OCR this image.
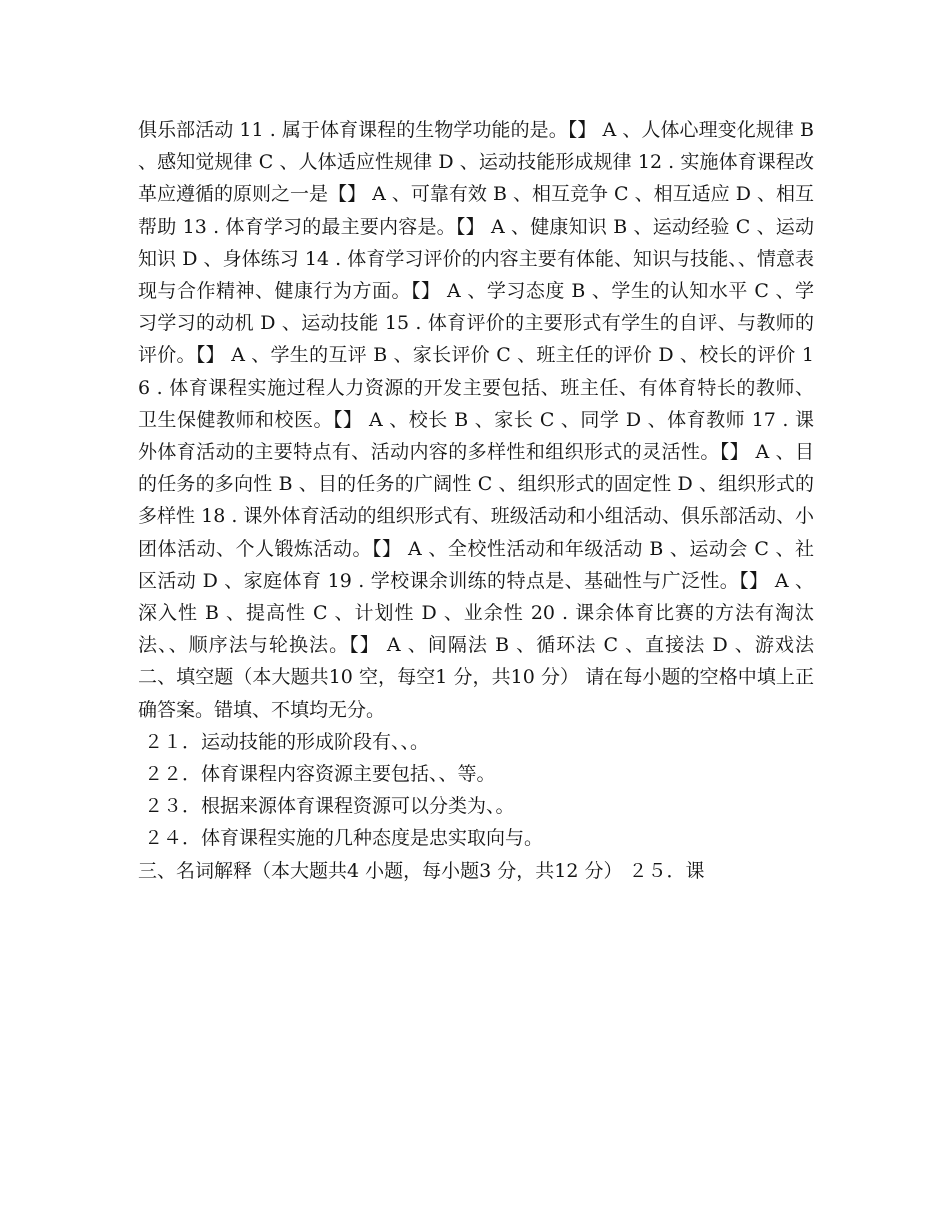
俱乐部活动 11 . 属于体育课程的生物学功能的是。【】 A 、人体心理变化规律 B 、感知觉规律 C 、人体适应性规律 D 、运动技能形成规律 12 . 实施体育课程改革应遵循的原则之一是【】 A 、可靠有效 B 、相互竞争 C 、相互适应 D 、相互帮助 13 . 体育学习的最主要内容是。【】 A 、健康知识 B 、运动经验 C 、运动知识 D 、身体练习 14 . 体育学习评价的内容主要有体能、知识与技能、、情意表现与合作精神、健康行为方面。【】 A 、学习态度 B 、学生的认知水平 C 、学习学习的动机 D 、运动技能 15 . 体育评价的主要形式有学生的自评、与教师的评价。【】 A 、学生的互评 B 、家长评价 C 、班主任的评价 D 、校长的评价 16 . 体育课程实施过程人力资源的开发主要包括、班主任、有体育特长的教师、卫生保健教师和校医。【】 A 、校长 B 、家长 C 、同学 D 、体育教师 17 . 课外体育活动的主要特点有、活动内容的多样性和组织形式的灵活性。【】 A 、目的任务的多向性 B 、目的任务的广阔性 C 、组织形式的固定性 D 、组织形式的多样性 18 . 课外体育活动的组织形式有、班级活动和小组活动、俱乐部活动、小团体活动、个人锻炼活动。【】 A 、全校性活动和年级活动 B 、运动会 C 、社区活动 D 、家庭体育 19 . 学校课余训练的特点是、基础性与广泛性。【】 A 、深入性 B 、提高性 C 、计划性 D 、业余性 20 . 课余体育比赛的方法有淘汰法、、顺序法与轮换法。【】 A 、间隔法 B 、循环法 C 、直接法 D 、游戏法 二、填空题（本大题共10 空，每空1 分，共10 分） 请在每小题的空格中填上正确答案。错填、不填均无分。

２１．运动技能的形成阶段有、、。

２２．体育课程内容资源主要包括、、等。

２３．根据来源体育课程资源可以分类为、。

２４．体育课程实施的几种态度是忠实取向与。

三、名词解释（本大题共4 小题，每小题3 分，共12 分） ２５．课
